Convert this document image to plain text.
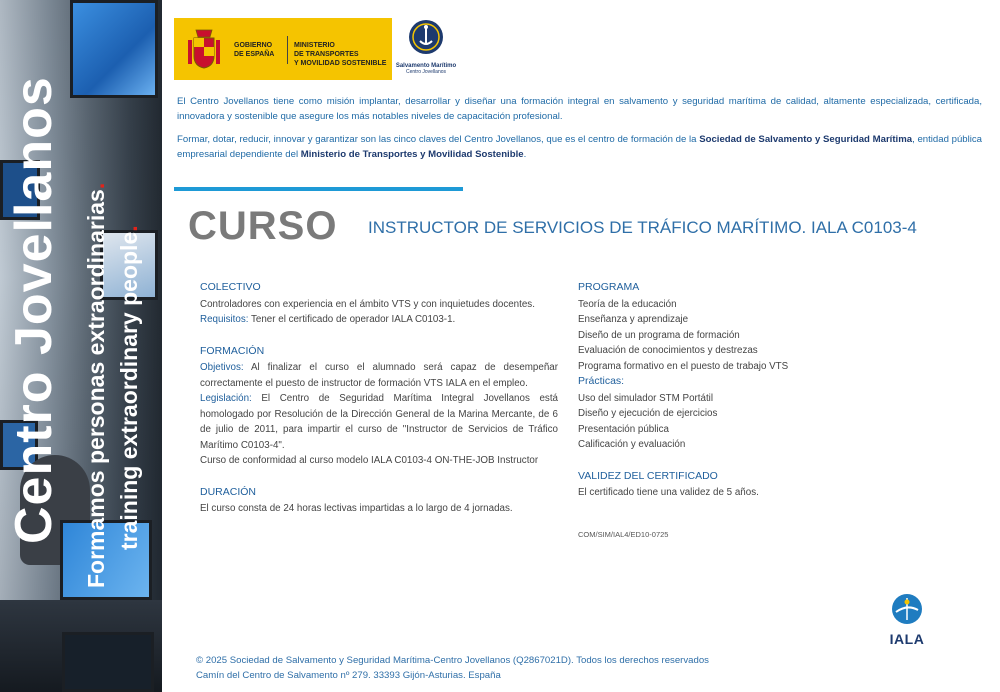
Centro Jovellanos Formamos personas extraordinarias.
training extraordinary people.
GOBIERNO
DE ESPAÑA
MINISTERIO
DE TRANSPORTES
Y MOVILIDAD SOSTENIBLE	Salvamento Marítimo
Centro Jovellanos

El Centro Jovellanos tiene como misión implantar, desarrollar y diseñar una formación integral en salvamento y seguridad marítima de calidad, altamente especializada, certificada, innovadora y sostenible que asegure los más notables niveles de capacitación profesional.

Formar, dotar, reducir, innovar y garantizar son las cinco claves del Centro Jovellanos, que es el centro de formación de la Sociedad de Salvamento y Seguridad Marítima, entidad pública empresarial dependiente del Ministerio de Transportes y Movilidad Sostenible.

CURSO INSTRUCTOR DE SERVICIOS DE TRÁFICO MARÍTIMO. IALA C0103-4
COLECTIVO
Controladores con experiencia en el ámbito VTS y con inquietudes docentes.
Requisitos: Tener el certificado de operador IALA C0103-1.
FORMACIÓN
Objetivos: Al finalizar el curso el alumnado será capaz de desempeñar correctamente el puesto de instructor de formación VTS IALA en el empleo.
Legislación: El Centro de Seguridad Marítima Integral Jovellanos está homologado por Resolución de la Dirección General de la Marina Mercante, de 6 de julio de 2011, para impartir el curso de "Instructor de Servicios de Tráfico Marítimo C0103-4".
Curso de conformidad al curso modelo IALA C0103-4 ON-THE-JOB Instructor
DURACIÓN
El curso consta de 24 horas lectivas impartidas a lo largo de 4 jornadas.
PROGRAMA
Teoría de la educación
Enseñanza y aprendizaje
Diseño de un programa de formación
Evaluación de conocimientos y destrezas
Programa formativo en el puesto de trabajo VTS
Prácticas:
Uso del simulador STM Portátil
Diseño y ejecución de ejercicios
Presentación pública
Calificación y evaluación
VALIDEZ DEL CERTIFICADO
El certificado tiene una validez de 5 años.
COM/SIM/IAL4/ED10-0725
IALA
© 2025 Sociedad de Salvamento y Seguridad Marítima-Centro Jovellanos (Q2867021D). Todos los derechos reservados
Camín del Centro de Salvamento nº 279. 33393 Gijón-Asturias. España
